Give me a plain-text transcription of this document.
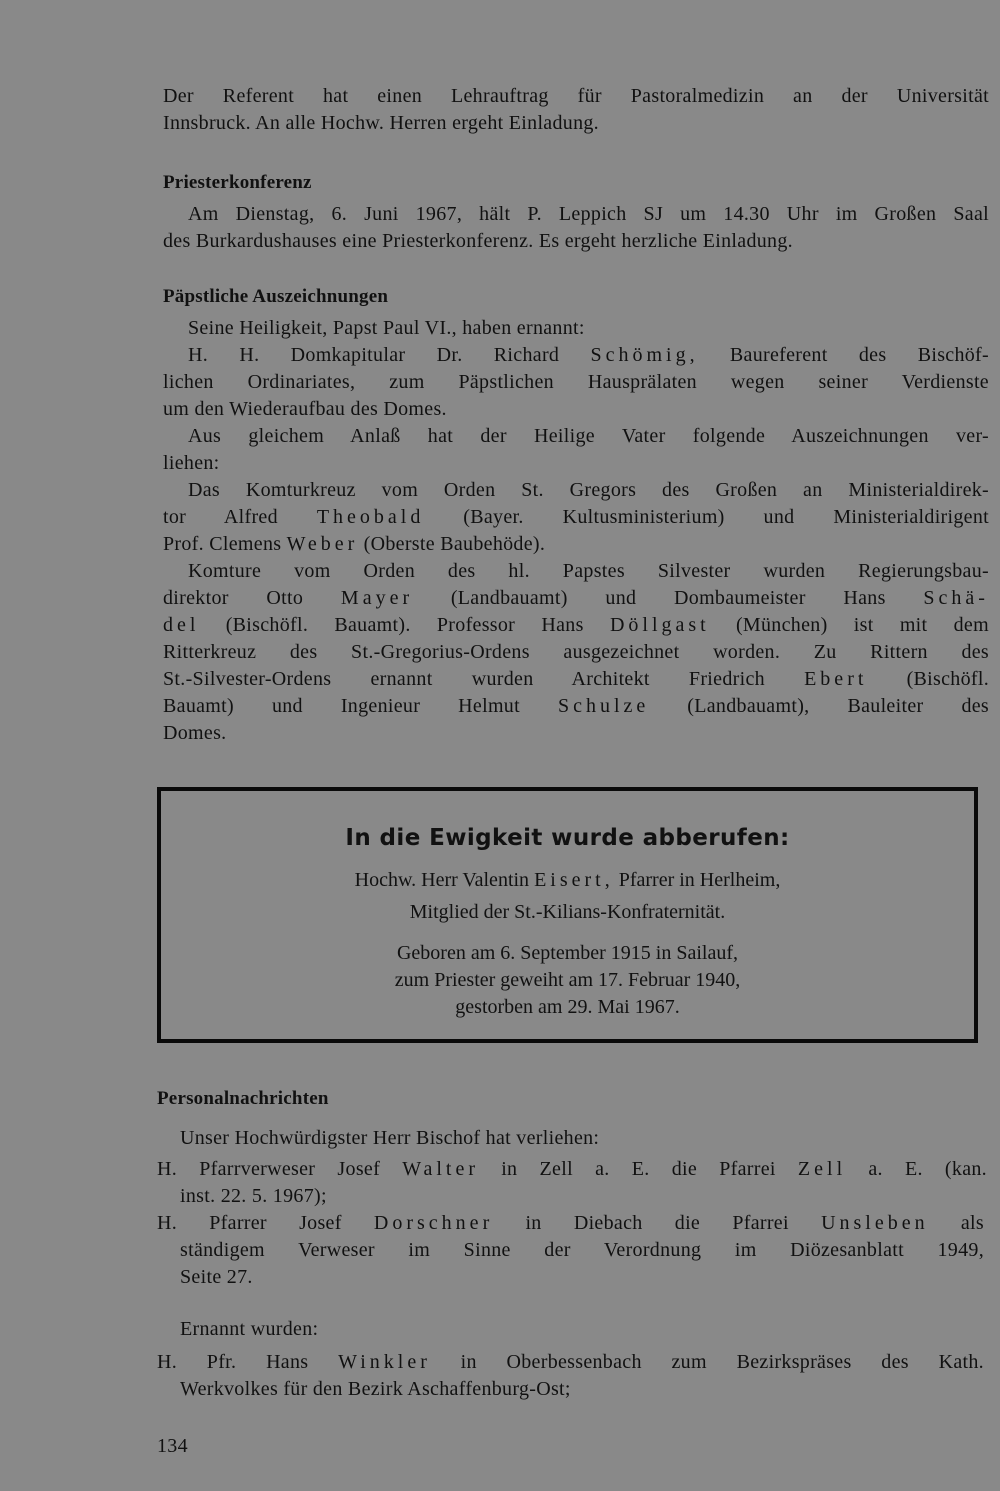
Der Referent hat einen Lehrauftrag für Pastoralmedizin an der Universität
Innsbruck. An alle Hochw. Herren ergeht Einladung.
Priesterkonferenz
Am Dienstag, 6. Juni 1967, hält P. Leppich SJ um 14.30 Uhr im Großen Saal
des Burkardushauses eine Priesterkonferenz. Es ergeht herzliche Einladung.
Päpstliche Auszeichnungen
Seine Heiligkeit, Papst Paul VI., haben ernannt:
H. H. Domkapitular Dr. Richard Schömig, Baureferent des Bischöf-
lichen Ordinariates, zum Päpstlichen Hausprälaten wegen seiner Verdienste
um den Wiederaufbau des Domes.
Aus gleichem Anlaß hat der Heilige Vater folgende Auszeichnungen ver-
liehen:
Das Komturkreuz vom Orden St. Gregors des Großen an Ministerialdirek-
tor Alfred Theobald (Bayer. Kultusministerium) und Ministerialdirigent
Prof. Clemens Weber (Oberste Baubehöde).
Komture vom Orden des hl. Papstes Silvester wurden Regierungsbau-
direktor Otto Mayer (Landbauamt) und Dombaumeister Hans Schä-
del (Bischöfl. Bauamt). Professor Hans Döllgast (München) ist mit dem
Ritterkreuz des St.-Gregorius-Ordens ausgezeichnet worden. Zu Rittern des
St.-Silvester-Ordens ernannt wurden Architekt Friedrich Ebert (Bischöfl.
Bauamt) und Ingenieur Helmut Schulze (Landbauamt), Bauleiter des
Domes.
In die Ewigkeit wurde abberufen:
Hochw. Herr Valentin Eisert, Pfarrer in Herlheim,
Mitglied der St.-Kilians-Konfraternität.
Geboren am 6. September 1915 in Sailauf,
zum Priester geweiht am 17. Februar 1940,
gestorben am 29. Mai 1967.
Personalnachrichten
Unser Hochwürdigster Herr Bischof hat verliehen:
H. Pfarrverweser Josef Walter in Zell a. E. die Pfarrei Zell a. E. (kan.
inst. 22. 5. 1967);
H. Pfarrer Josef Dorschner in Diebach die Pfarrei Unsleben als
ständigem Verweser im Sinne der Verordnung im Diözesanblatt 1949,
Seite 27.
Ernannt wurden:
H. Pfr. Hans Winkler in Oberbessenbach zum Bezirkspräses des Kath.
Werkvolkes für den Bezirk Aschaffenburg-Ost;
134
